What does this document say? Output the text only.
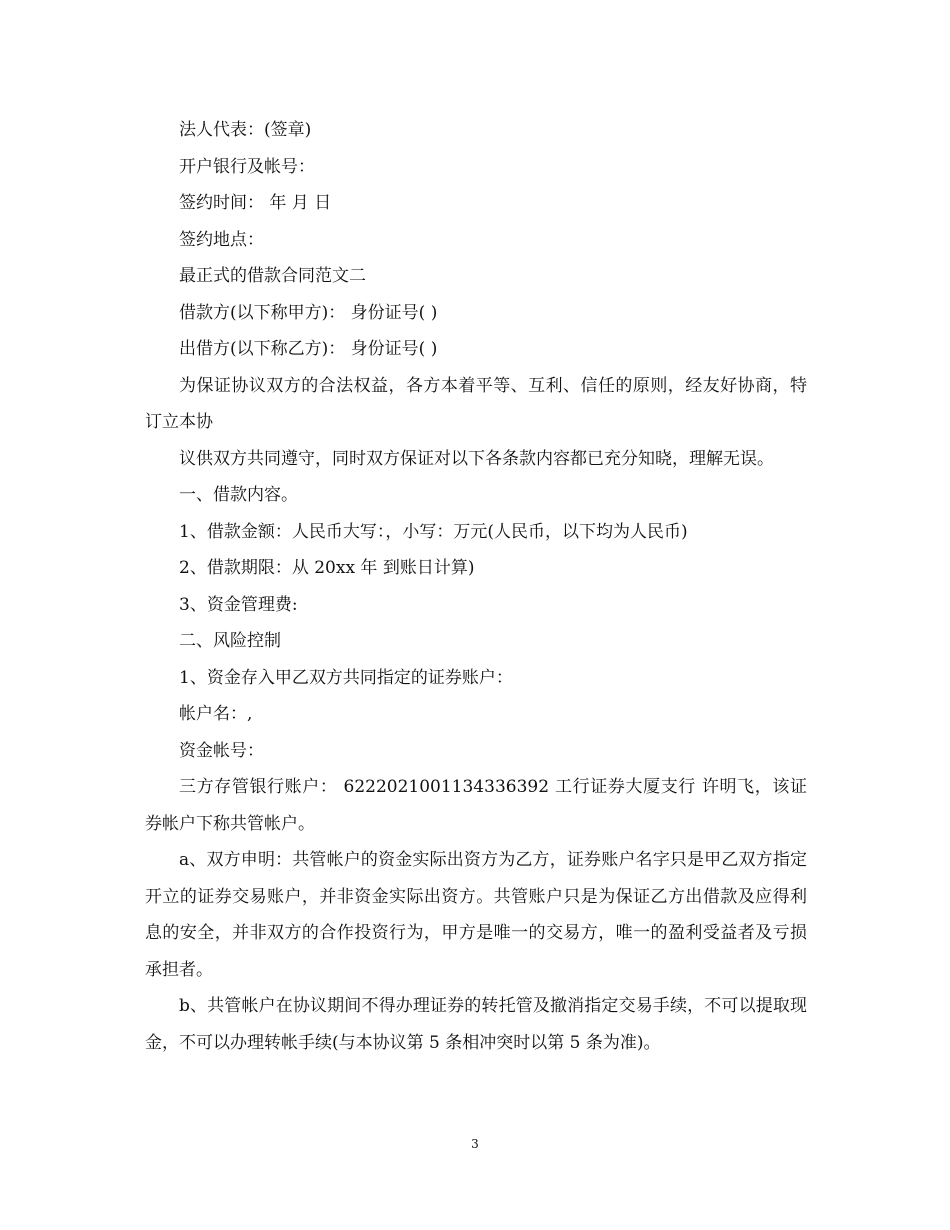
法人代表：(签章)

开户银行及帐号：

签约时间： 年 月 日

签约地点：

最正式的借款合同范文二

借款方(以下称甲方)： 身份证号( )

出借方(以下称乙方)： 身份证号( )

为保证协议双方的合法权益，各方本着平等、互利、信任的原则，经友好协商，特订立本协

议供双方共同遵守，同时双方保证对以下各条款内容都已充分知晓，理解无误。

一、借款内容。

1、借款金额：人民币大写：，小写：万元(人民币，以下均为人民币)

2、借款期限：从 20xx 年 到账日计算)

3、资金管理费:

二、风险控制

1、资金存入甲乙双方共同指定的证券账户：

帐户名：,

资金帐号：

三方存管银行账户： 6222021001134336392 工行证券大厦支行 许明飞，该证券帐户下称共管帐户。

a、双方申明：共管帐户的资金实际出资方为乙方，证券账户名字只是甲乙双方指定开立的证券交易账户，并非资金实际出资方。共管账户只是为保证乙方出借款及应得利息的安全，并非双方的合作投资行为，甲方是唯一的交易方，唯一的盈利受益者及亏损承担者。

b、共管帐户在协议期间不得办理证券的转托管及撤消指定交易手续，不可以提取现金，不可以办理转帐手续(与本协议第 5 条相冲突时以第 5 条为准)。

3
